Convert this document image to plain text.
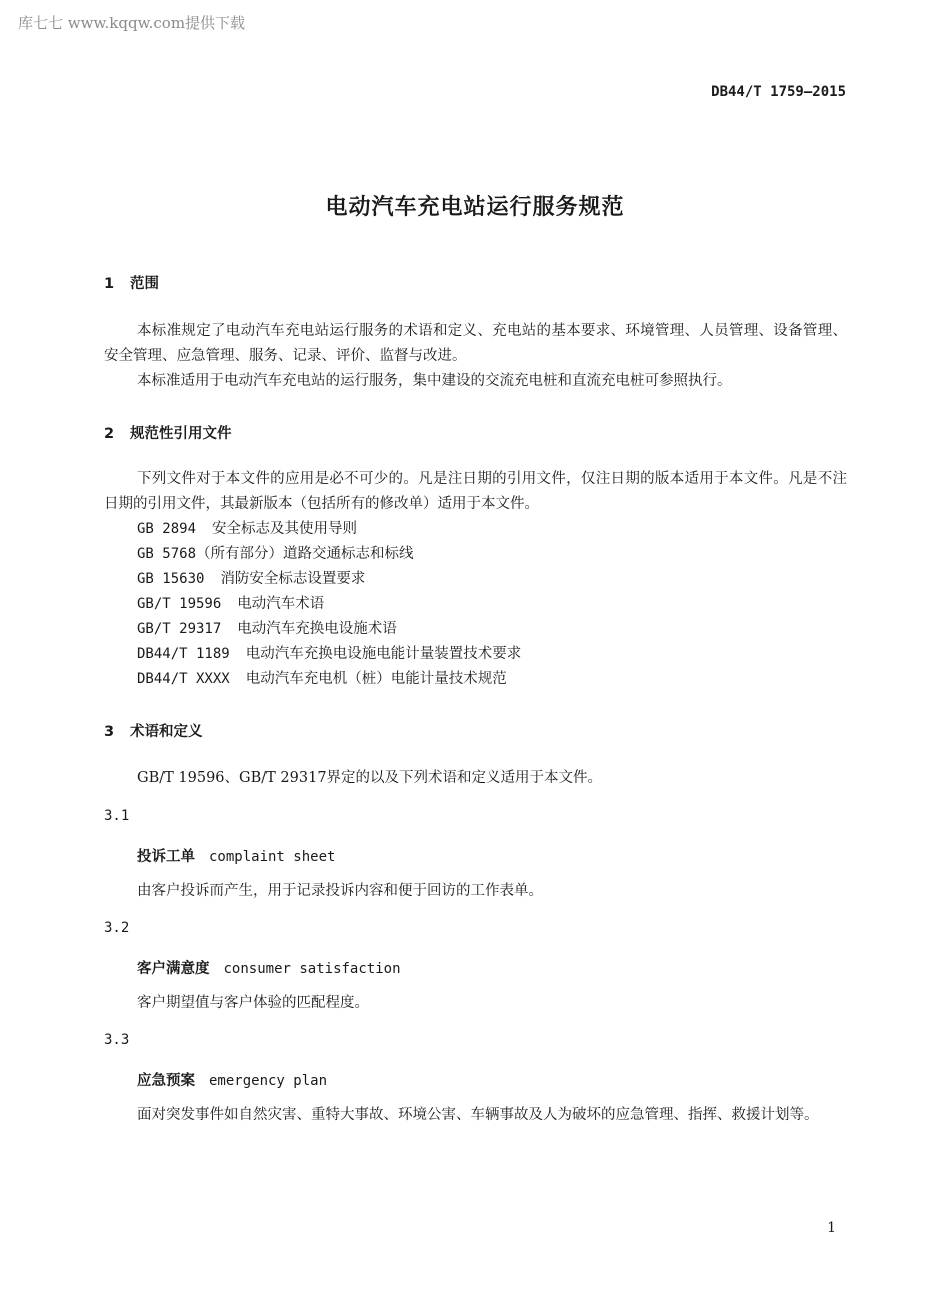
库七七 www.kqqw.com提供下载
DB44/T 1759—2015
电动汽车充电站运行服务规范
1 范围
本标准规定了电动汽车充电站运行服务的术语和定义、充电站的基本要求、环境管理、人员管理、设备管理、安全管理、应急管理、服务、记录、评价、监督与改进。
本标准适用于电动汽车充电站的运行服务，集中建设的交流充电桩和直流充电桩可参照执行。
2 规范性引用文件
下列文件对于本文件的应用是必不可少的。凡是注日期的引用文件，仅注日期的版本适用于本文件。凡是不注日期的引用文件，其最新版本（包括所有的修改单）适用于本文件。
GB 2894 安全标志及其使用导则
GB 5768（所有部分）道路交通标志和标线
GB 15630 消防安全标志设置要求
GB/T 19596 电动汽车术语
GB/T 29317 电动汽车充换电设施术语
DB44/T 1189 电动汽车充换电设施电能计量装置技术要求
DB44/T XXXX 电动汽车充电机（桩）电能计量技术规范
3 术语和定义
GB/T 19596、GB/T 29317界定的以及下列术语和定义适用于本文件。
3.1
投诉工单 complaint sheet
由客户投诉而产生，用于记录投诉内容和便于回访的工作表单。
3.2
客户满意度 consumer satisfaction
客户期望值与客户体验的匹配程度。
3.3
应急预案 emergency plan
面对突发事件如自然灾害、重特大事故、环境公害、车辆事故及人为破坏的应急管理、指挥、救援计划等。
1
